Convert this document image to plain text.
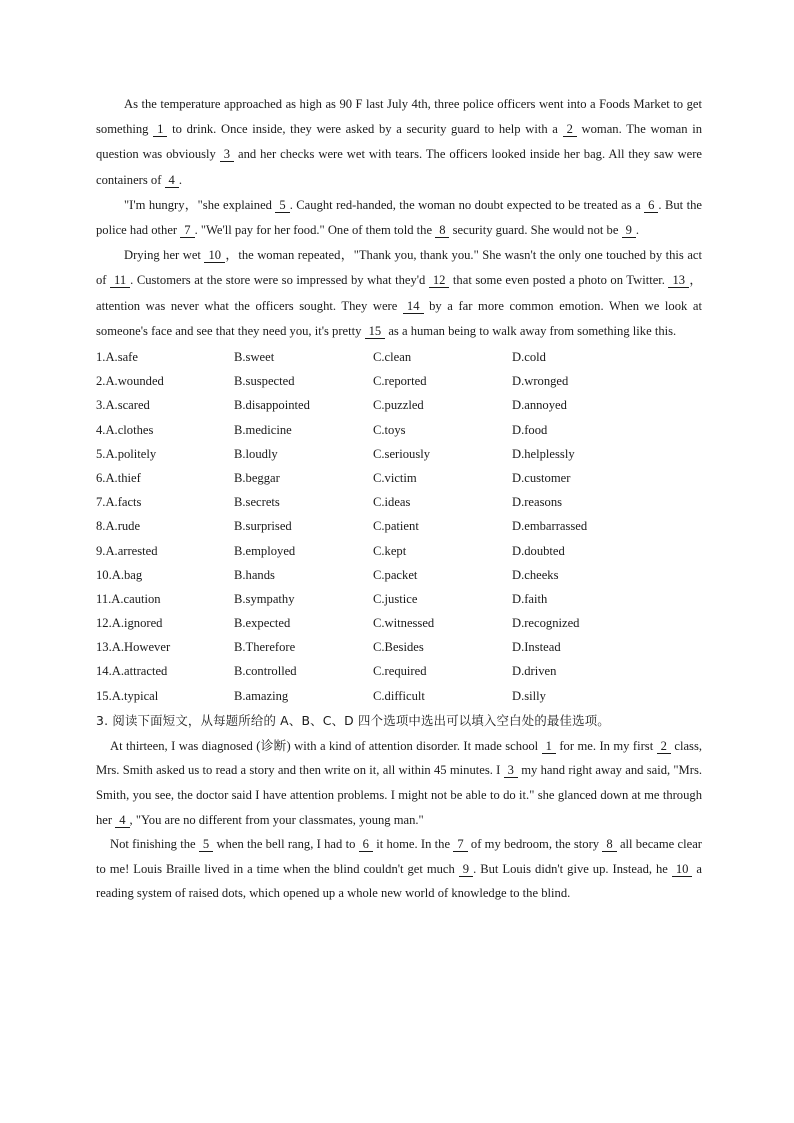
As the temperature approached as high as 90 F last July 4th, three police officers went into a Foods Market to get something 1 to drink. Once inside, they were asked by a security guard to help with a 2 woman. The woman in question was obviously 3 and her checks were wet with tears. The officers looked inside her bag. All they saw were containers of 4 .

"I'm hungry，"she explained 5 . Caught red-handed, the woman no doubt expected to be treated as a 6 . But the police had other 7 . "We'll pay for her food." One of them told the 8 security guard. She would not be 9 .

Drying her wet 10 ，the woman repeated，"Thank you, thank you." She wasn't the only one touched by this act of 11 . Customers at the store were so impressed by what they'd 12 that some even posted a photo on Twitter. 13 ， attention was never what the officers sought. They were 14 by a far more common emotion. When we look at someone's face and see that they need you, it's pretty 15 as a human being to walk away from something like this.

1.A.safe	B.sweet	C.clean	D.cold
2.A.wounded	B.suspected	C.reported	D.wronged
3.A.scared	B.disappointed	C.puzzled	D.annoyed
4.A.clothes	B.medicine	C.toys	D.food
5.A.politely	B.loudly	C.seriously	D.helplessly
6.A.thief	B.beggar	C.victim	D.customer
7.A.facts	B.secrets	C.ideas	D.reasons
8.A.rude	B.surprised	C.patient	D.embarrassed
9.A.arrested	B.employed	C.kept	D.doubted
10.A.bag	B.hands	C.packet	D.cheeks
11.A.caution	B.sympathy	C.justice	D.faith
12.A.ignored	B.expected	C.witnessed	D.recognized
13.A.However	B.Therefore	C.Besides	D.Instead
14.A.attracted	B.controlled	C.required	D.driven
15.A.typical	B.amazing	C.difficult	D.silly

3. 阅读下面短文，从每题所给的 A、B、C、D 四个选项中选出可以填入空白处的最佳选项。

At thirteen, I was diagnosed (诊断) with a kind of attention disorder. It made school 1 for me. In my first 2 class, Mrs. Smith asked us to read a story and then write on it, all within 45 minutes. I 3 my hand right away and said, "Mrs. Smith, you see, the doctor said I have attention problems. I might not be able to do it." she glanced down at me through her 4 , "You are no different from your classmates, young man."

Not finishing the 5 when the bell rang, I had to 6 it home. In the 7 of my bedroom, the story 8 all became clear to me! Louis Braille lived in a time when the blind couldn't get much 9 . But Louis didn't give up. Instead, he 10 a reading system of raised dots, which opened up a whole new world of knowledge to the blind.
